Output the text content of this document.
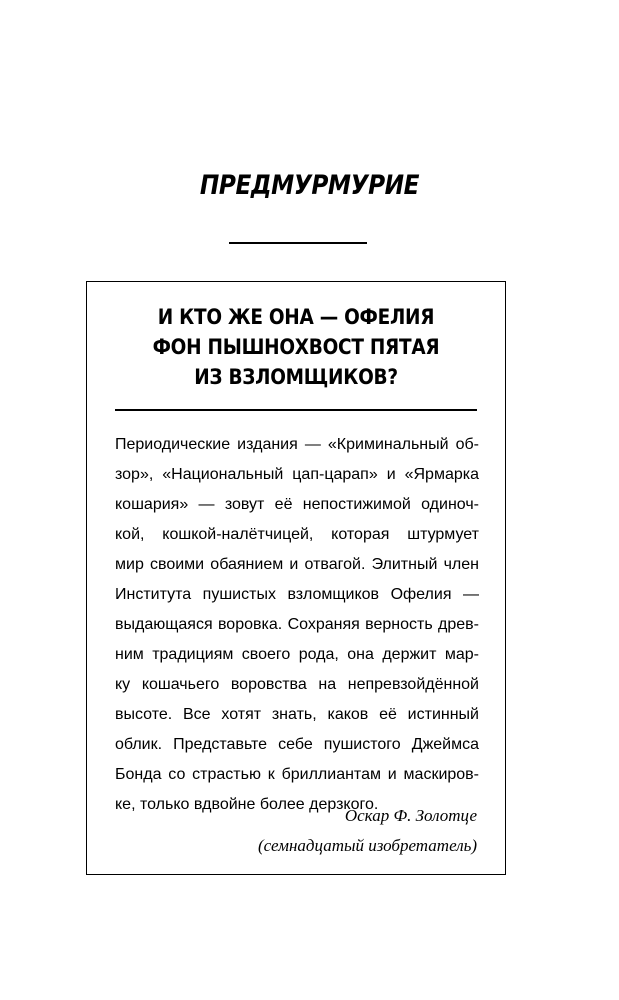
ПРЕДМУРМУРИЕ
И КТО ЖЕ ОНА — ОФЕЛИЯ
ФОН ПЫШНОХВОСТ ПЯТАЯ
ИЗ ВЗЛОМЩИКОВ?
Периодические издания — «Криминальный об-
зор», «Национальный цап-царап» и «Ярмарка
кошария» — зовут её непостижимой одиноч-
кой, кошкой-налётчицей, которая штурмует
мир своими обаянием и отвагой. Элитный член
Института пушистых взломщиков Офелия —
выдающаяся воровка. Сохраняя верность древ-
ним традициям своего рода, она держит мар-
ку кошачьего воровства на непревзойдённой
высоте. Все хотят знать, каков её истинный
облик. Представьте себе пушистого Джеймса
Бонда со страстью к бриллиантам и маскиров-
ке, только вдвойне более дерзкого.
Оскар Ф. Золотце
(семнадцатый изобретатель)
